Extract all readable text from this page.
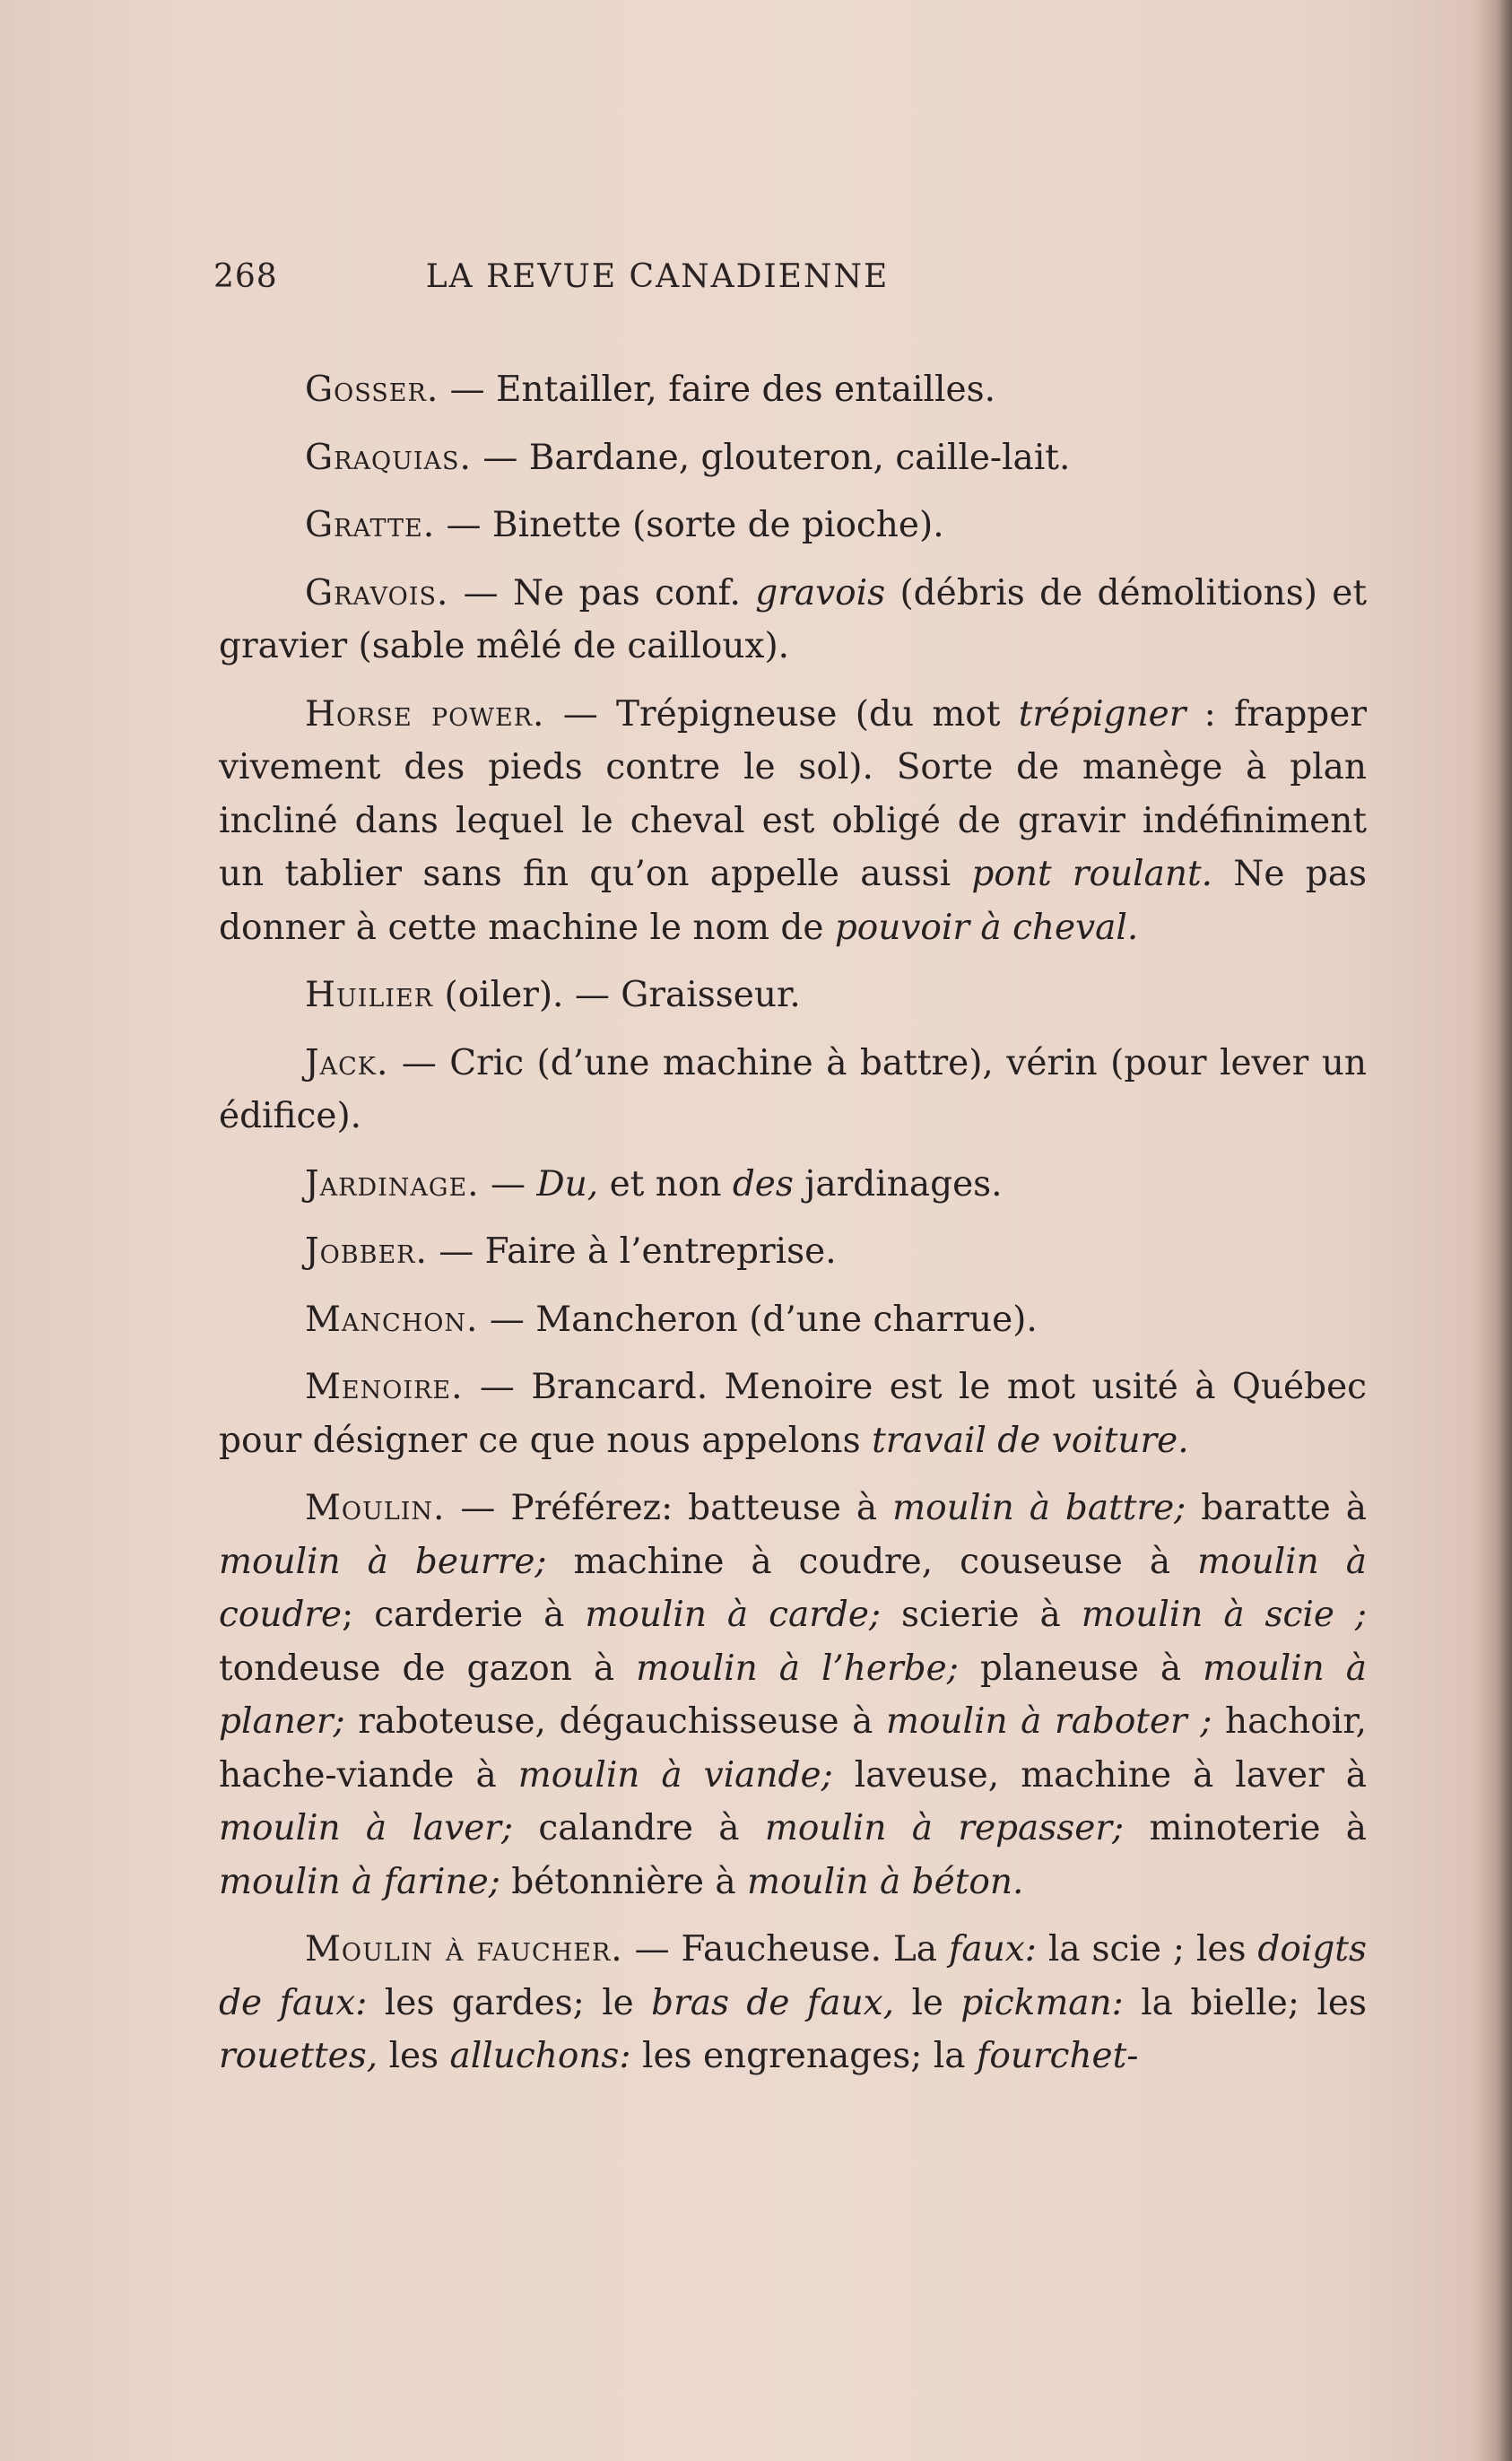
268	LA REVUE CANADIENNE

Gosser. — Entailler, faire des entailles.

Graquias. — Bardane, glouteron, caille-lait.

Gratte. — Binette (sorte de pioche).

Gravois. — Ne pas conf. gravois (débris de démolitions) et gravier (sable mêlé de cailloux).

Horse power. — Trépigneuse (du mot trépigner : frapper vivement des pieds contre le sol). Sorte de manège à plan incliné dans lequel le cheval est obligé de gravir indéfiniment un tablier sans fin qu’on appelle aussi pont roulant. Ne pas donner à cette machine le nom de pouvoir à cheval.

Huilier (oiler). — Graisseur.

Jack. — Cric (d’une machine à battre), vérin (pour lever un édifice).

Jardinage. — Du, et non des jardinages.

Jobber. — Faire à l’entreprise.

Manchon. — Mancheron (d’une charrue).

Menoire. — Brancard. Menoire est le mot usité à Québec pour désigner ce que nous appelons travail de voiture.

Moulin. — Préférez: batteuse à moulin à battre; baratte à moulin à beurre; machine à coudre, couseuse à moulin à coudre; carderie à moulin à carde; scierie à moulin à scie ; tondeuse de gazon à moulin à l’herbe; planeuse à moulin à planer; raboteuse, dégauchisseuse à moulin à raboter ; hachoir, hache-viande à moulin à viande; laveuse, machine à laver à moulin à laver; calandre à moulin à repasser; minoterie à moulin à farine; bétonnière à moulin à béton.

Moulin à faucher. — Faucheuse. La faux: la scie ; les doigts de faux: les gardes; le bras de faux, le pickman: la bielle; les rouettes, les alluchons: les engrenages; la fourchet-
